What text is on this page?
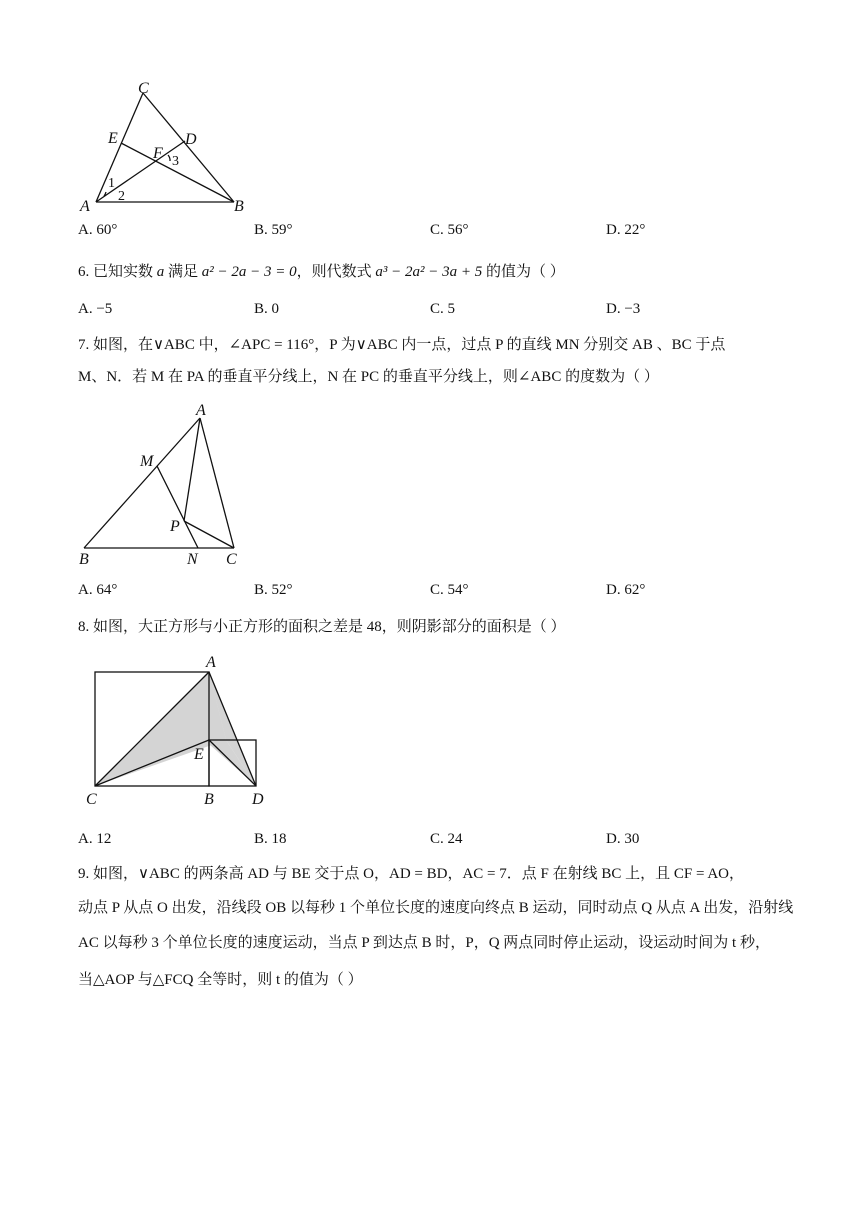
C
E	D
F 3
1
2
A	B
A. 60°	B. 59°	C. 56°	D. 22°
6. 已知实数 a 满足 a² − 2a − 3 = 0，则代数式 a³ − 2a² − 3a + 5 的值为（ ）
A. −5	B. 0	C. 5	D. −3
7. 如图，在∨ABC 中，∠APC = 116°，P 为∨ABC 内一点，过点 P 的直线 MN 分别交 AB 、BC 于点
M、N．若 M 在 PA 的垂直平分线上，N 在 PC 的垂直平分线上，则∠ABC 的度数为（ ）
A
M
P
B	N C
A. 64°	B. 52°	C. 54°	D. 62°
8. 如图，大正方形与小正方形的面积之差是 48，则阴影部分的面积是（ ）
A
E
C	B D
A. 12	B. 18	C. 24	D. 30
9. 如图，∨ABC 的两条高 AD 与 BE 交于点 O，AD = BD，AC = 7．点 F 在射线 BC 上，且 CF = AO，
动点 P 从点 O 出发，沿线段 OB 以每秒 1 个单位长度的速度向终点 B 运动，同时动点 Q 从点 A 出发，沿射线
AC 以每秒 3 个单位长度的速度运动，当点 P 到达点 B 时，P，Q 两点同时停止运动，设运动时间为 t 秒，
当△AOP 与△FCQ 全等时，则 t 的值为（ ）
